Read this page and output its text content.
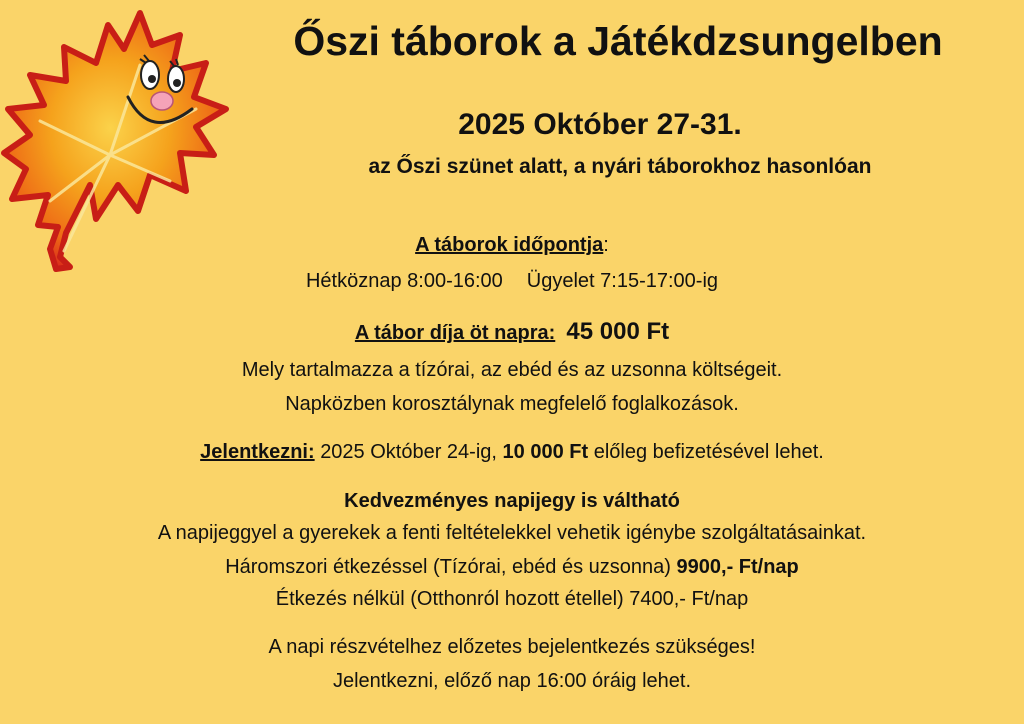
Őszi táborok a Játékdzsungelben
2025 Október 27-31.
az Őszi szünet alatt, a nyári táborokhoz hasonlóan
A táborok időpontja:
Hétköznap 8:00-16:00 Ügyelet 7:15-17:00-ig
A tábor díja öt napra: 45 000 Ft
Mely tartalmazza a tízórai, az ebéd és az uzsonna költségeit.
Napközben korosztálynak megfelelő foglalkozások.
Jelentkezni: 2025 Október 24-ig, 10 000 Ft előleg befizetésével lehet.
Kedvezményes napijegy is váltható
A napijeggyel a gyerekek a fenti feltételekkel vehetik igénybe szolgáltatásainkat.
Háromszori étkezéssel (Tízórai, ebéd és uzsonna) 9900,- Ft/nap
Étkezés nélkül (Otthonról hozott étellel) 7400,- Ft/nap
A napi részvételhez előzetes bejelentkezés szükséges!
Jelentkezni, előző nap 16:00 óráig lehet.
